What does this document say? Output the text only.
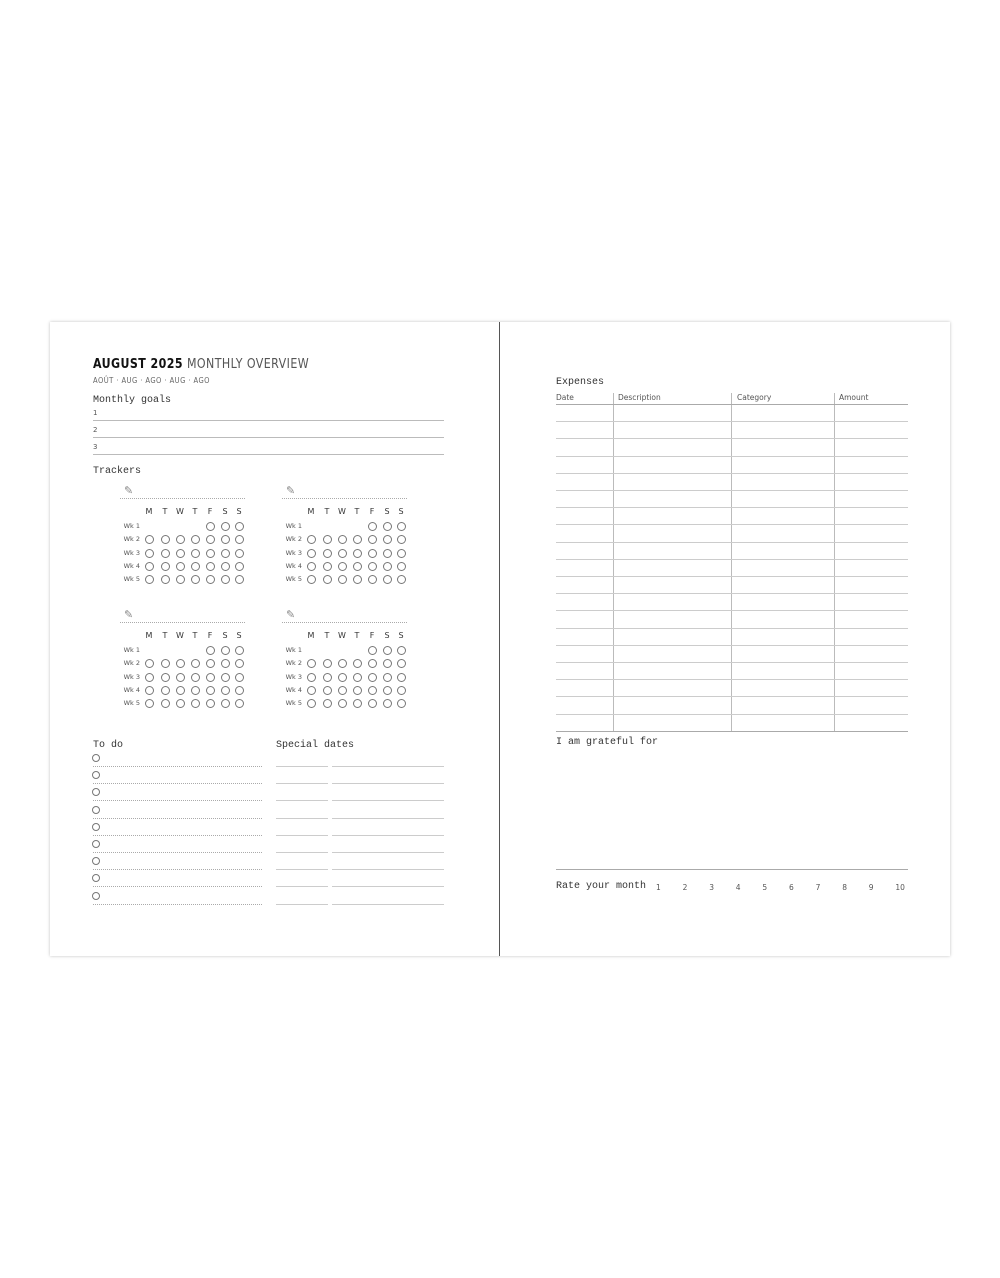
AUGUST 2025 MONTHLY OVERVIEW
AOÛT · AUG · AGO · AUG · AGO
Monthly goals
Trackers
To do	Special dates
Expenses
I am grateful for
Rate your month
1
2
3
✎
M	T	W	T	F	S	S
Wk 1
Wk 2
Wk 3
Wk 4
Wk 5
✎
M	T	W	T	F	S	S
Wk 1
Wk 2
Wk 3
Wk 4
Wk 5
✎
M	T	W	T	F	S	S
Wk 1
Wk 2
Wk 3
Wk 4
Wk 5
✎
M	T	W	T	F	S	S
Wk 1
Wk 2
Wk 3
Wk 4
Wk 5
Date	Description	Category	Amount
1	2	3	4	5	6	7	8	9	10
